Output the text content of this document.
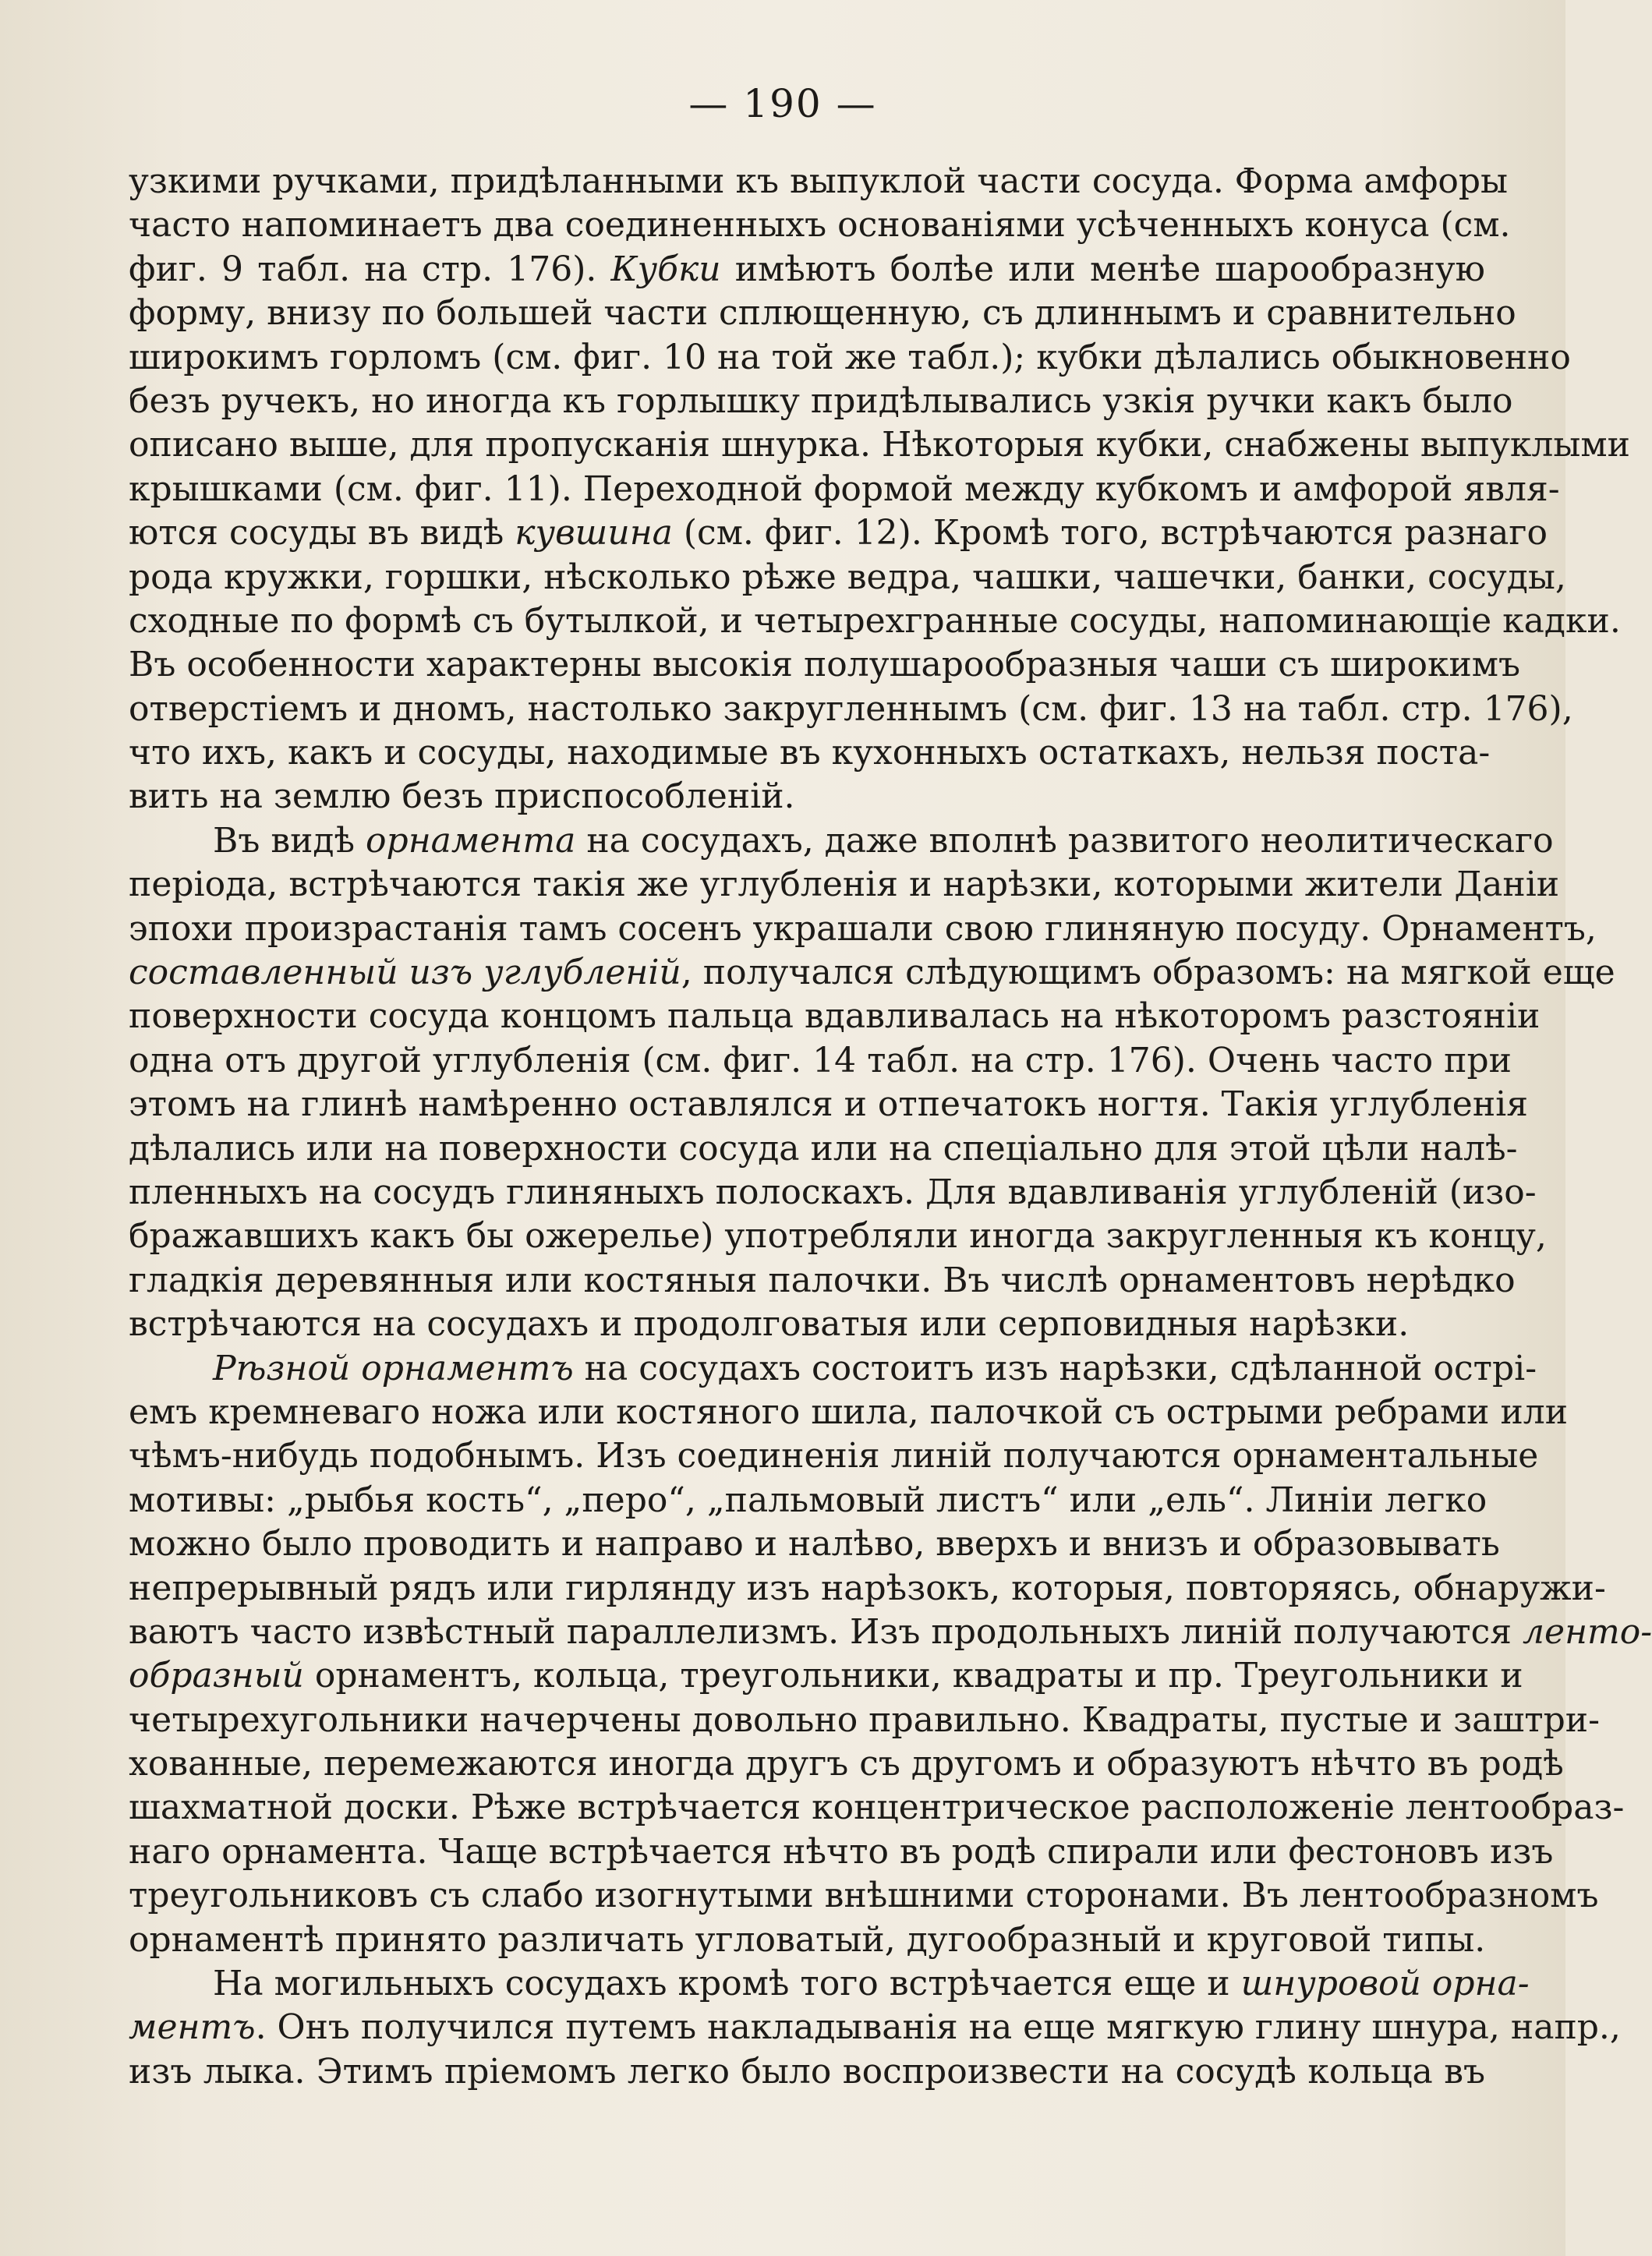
— 190 —
узкими ручками, придѣланными къ выпуклой части сосуда. Форма амфоры
часто напоминаетъ два соединенныхъ основаніями усѣченныхъ конуса (см.
фиг. 9 табл. на стр. 176). Кубки имѣютъ болѣе или менѣе шарообразную
форму, внизу по большей части сплющенную, съ длиннымъ и сравнительно
широкимъ горломъ (см. фиг. 10 на той же табл.); кубки дѣлались обыкновенно
безъ ручекъ, но иногда къ горлышку придѣлывались узкія ручки какъ было
описано выше, для пропусканія шнурка. Нѣкоторыя кубки, снабжены выпуклыми
крышками (см. фиг. 11). Переходной формой между кубкомъ и амфорой явля-
ются сосуды въ видѣ кувшина (см. фиг. 12). Кромѣ того, встрѣчаются разнаго
рода кружки, горшки, нѣсколько рѣже ведра, чашки, чашечки, банки, сосуды,
сходные по формѣ съ бутылкой, и четырехгранные сосуды, напоминающіе кадки.
Въ особенности характерны высокія полушарообразныя чаши съ широкимъ
отверстіемъ и дномъ, настолько закругленнымъ (см. фиг. 13 на табл. стр. 176),
что ихъ, какъ и сосуды, находимые въ кухонныхъ остаткахъ, нельзя поста-
вить на землю безъ приспособленій.
Въ видѣ орнамента на сосудахъ, даже вполнѣ развитого неолитическаго
періода, встрѣчаются такія же углубленія и нарѣзки, которыми жители Даніи
эпохи произрастанія тамъ сосенъ украшали свою глиняную посуду. Орнаментъ,
составленный изъ углубленій, получался слѣдующимъ образомъ: на мягкой еще
поверхности сосуда концомъ пальца вдавливалась на нѣкоторомъ разстояніи
одна отъ другой углубленія (см. фиг. 14 табл. на стр. 176). Очень часто при
этомъ на глинѣ намѣренно оставлялся и отпечатокъ ногтя. Такія углубленія
дѣлались или на поверхности сосуда или на спеціально для этой цѣли налѣ-
пленныхъ на сосудъ глиняныхъ полоскахъ. Для вдавливанія углубленій (изо-
бражавшихъ какъ бы ожерелье) употребляли иногда закругленныя къ концу,
гладкія деревянныя или костяныя палочки. Въ числѣ орнаментовъ нерѣдко
встрѣчаются на сосудахъ и продолговатыя или серповидныя нарѣзки.
Рѣзной орнаментъ на сосудахъ состоитъ изъ нарѣзки, сдѣланной острі-
емъ кремневаго ножа или костяного шила, палочкой съ острыми ребрами или
чѣмъ-нибудь подобнымъ. Изъ соединенія линій получаются орнаментальные
мотивы: „рыбья кость“, „перо“, „пальмовый листъ“ или „ель“. Линіи легко
можно было проводить и направо и налѣво, вверхъ и внизъ и образовывать
непрерывный рядъ или гирлянду изъ нарѣзокъ, которыя, повторяясь, обнаружи-
ваютъ часто извѣстный параллелизмъ. Изъ продольныхъ линій получаются ленто-
образный орнаментъ, кольца, треугольники, квадраты и пр. Треугольники и
четырехугольники начерчены довольно правильно. Квадраты, пустые и заштри-
хованные, перемежаются иногда другъ съ другомъ и образуютъ нѣчто въ родѣ
шахматной доски. Рѣже встрѣчается концентрическое расположеніе лентообраз-
наго орнамента. Чаще встрѣчается нѣчто въ родѣ спирали или фестоновъ изъ
треугольниковъ съ слабо изогнутыми внѣшними сторонами. Въ лентообразномъ
орнаментѣ принято различать угловатый, дугообразный и круговой типы.
На могильныхъ сосудахъ кромѣ того встрѣчается еще и шнуровой орна-
ментъ. Онъ получился путемъ накладыванія на еще мягкую глину шнура, напр.,
изъ лыка. Этимъ пріемомъ легко было воспроизвести на сосудѣ кольца въ
